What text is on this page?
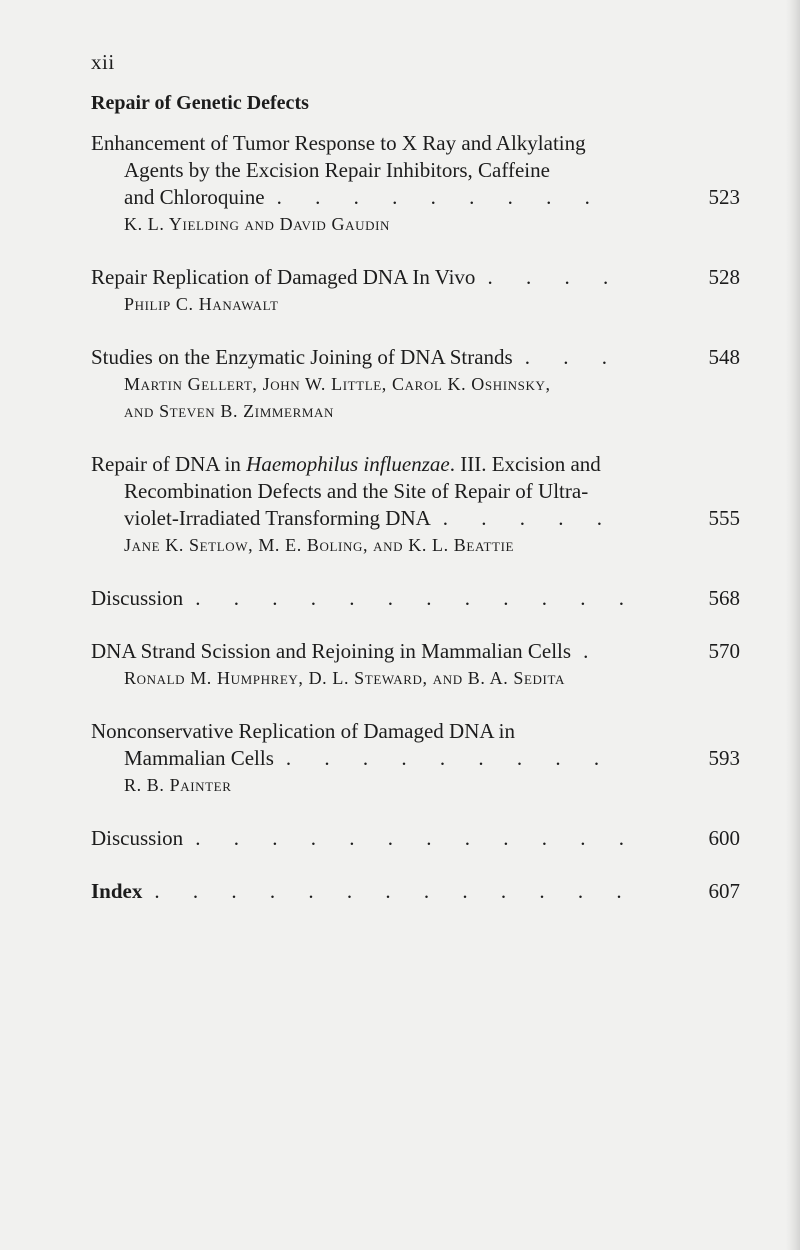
xii
Repair of Genetic Defects
Enhancement of Tumor Response to X Ray and Alkylating
Agents by the Excision Repair Inhibitors, Caffeine
and Chloroquine . . . . . . . . .	523
K. L. Yielding and David Gaudin
Repair Replication of Damaged DNA In Vivo . . . .	528
Philip C. Hanawalt
Studies on the Enzymatic Joining of DNA Strands . . .	548
Martin Gellert, John W. Little, Carol K. Oshinsky,
and Steven B. Zimmerman
Repair of DNA in Haemophilus influenzae. III. Excision and
Recombination Defects and the Site of Repair of Ultra-
violet-Irradiated Transforming DNA . . . . .	555
Jane K. Setlow, M. E. Boling, and K. L. Beattie
Discussion . . . . . . . . . . . .	568
DNA Strand Scission and Rejoining in Mammalian Cells .	570
Ronald M. Humphrey, D. L. Steward, and B. A. Sedita
Nonconservative Replication of Damaged DNA in
Mammalian Cells . . . . . . . . .	593
R. B. Painter
Discussion . . . . . . . . . . . .	600
Index . . . . . . . . . . . . .	607
